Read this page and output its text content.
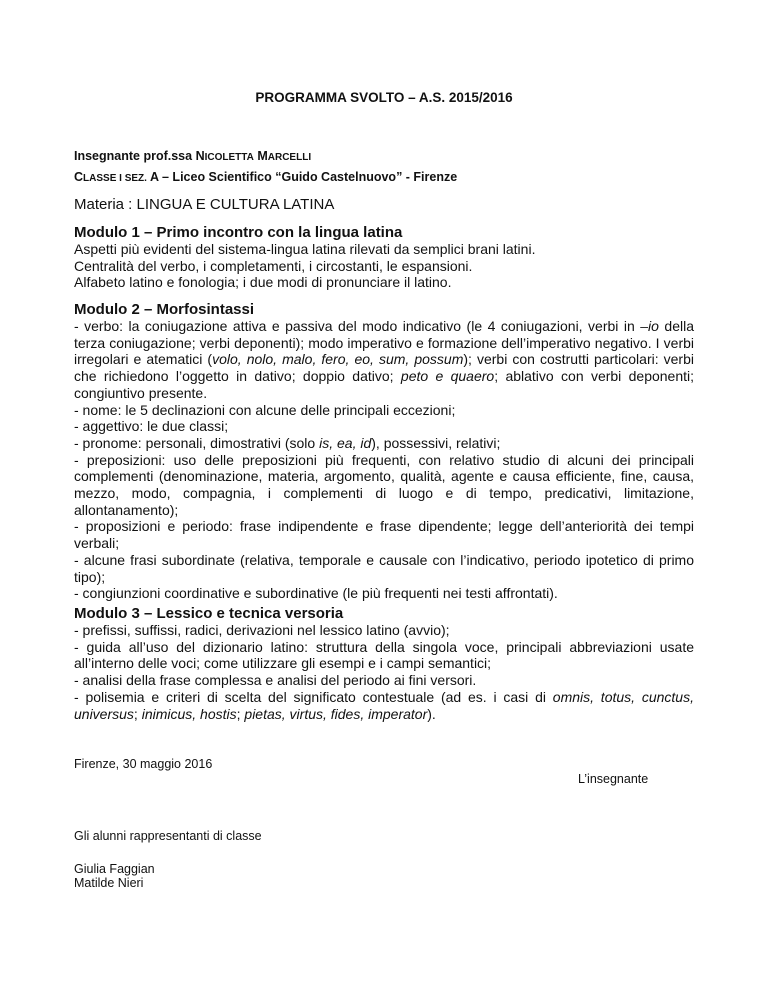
PROGRAMMA SVOLTO – A.S. 2015/2016
Insegnante prof.ssa NICOLETTA MARCELLI
CLASSE I SEZ. A – Liceo Scientifico “Guido Castelnuovo” - Firenze
Materia : LINGUA E CULTURA LATINA
Modulo 1 – Primo incontro con la lingua latina
Aspetti più evidenti del sistema-lingua latina rilevati da semplici brani latini.
Centralità del verbo, i completamenti, i circostanti, le espansioni.
Alfabeto latino e fonologia; i due modi di pronunciare il latino.
Modulo 2 – Morfosintassi

- verbo: la coniugazione attiva e passiva del modo indicativo (le 4 coniugazioni, verbi in –io della terza coniugazione; verbi deponenti); modo imperativo e formazione dell’imperativo negativo. I verbi irregolari e atematici (volo, nolo, malo, fero, eo, sum, possum); verbi con costrutti particolari: verbi che richiedono l’oggetto in dativo; doppio dativo; peto e quaero; ablativo con verbi deponenti; congiuntivo presente.

- nome: le 5 declinazioni con alcune delle principali eccezioni;

- aggettivo: le due classi;

- pronome: personali, dimostrativi (solo is, ea, id), possessivi, relativi;

- preposizioni: uso delle preposizioni più frequenti, con relativo studio di alcuni dei principali complementi (denominazione, materia, argomento, qualità, agente e causa efficiente, fine, causa, mezzo, modo, compagnia, i complementi di luogo e di tempo, predicativi, limitazione, allontanamento);

- proposizioni e periodo: frase indipendente e frase dipendente; legge dell’anteriorità dei tempi verbali;

- alcune frasi subordinate (relativa, temporale e causale con l’indicativo, periodo ipotetico di primo tipo);

- congiunzioni coordinative e subordinative (le più frequenti nei testi affrontati).

Modulo 3 – Lessico e tecnica versoria

- prefissi, suffissi, radici, derivazioni nel lessico latino (avvio);

- guida all’uso del dizionario latino: struttura della singola voce, principali abbreviazioni usate all’interno delle voci; come utilizzare gli esempi e i campi semantici;

- analisi della frase complessa e analisi del periodo ai fini versori.

- polisemia e criteri di scelta del significato contestuale (ad es. i casi di omnis, totus, cunctus, universus; inimicus, hostis; pietas, virtus, fides, imperator).

Firenze, 30 maggio 2016
L’insegnante
Gli alunni rappresentanti di classe
Giulia Faggian
Matilde Nieri
